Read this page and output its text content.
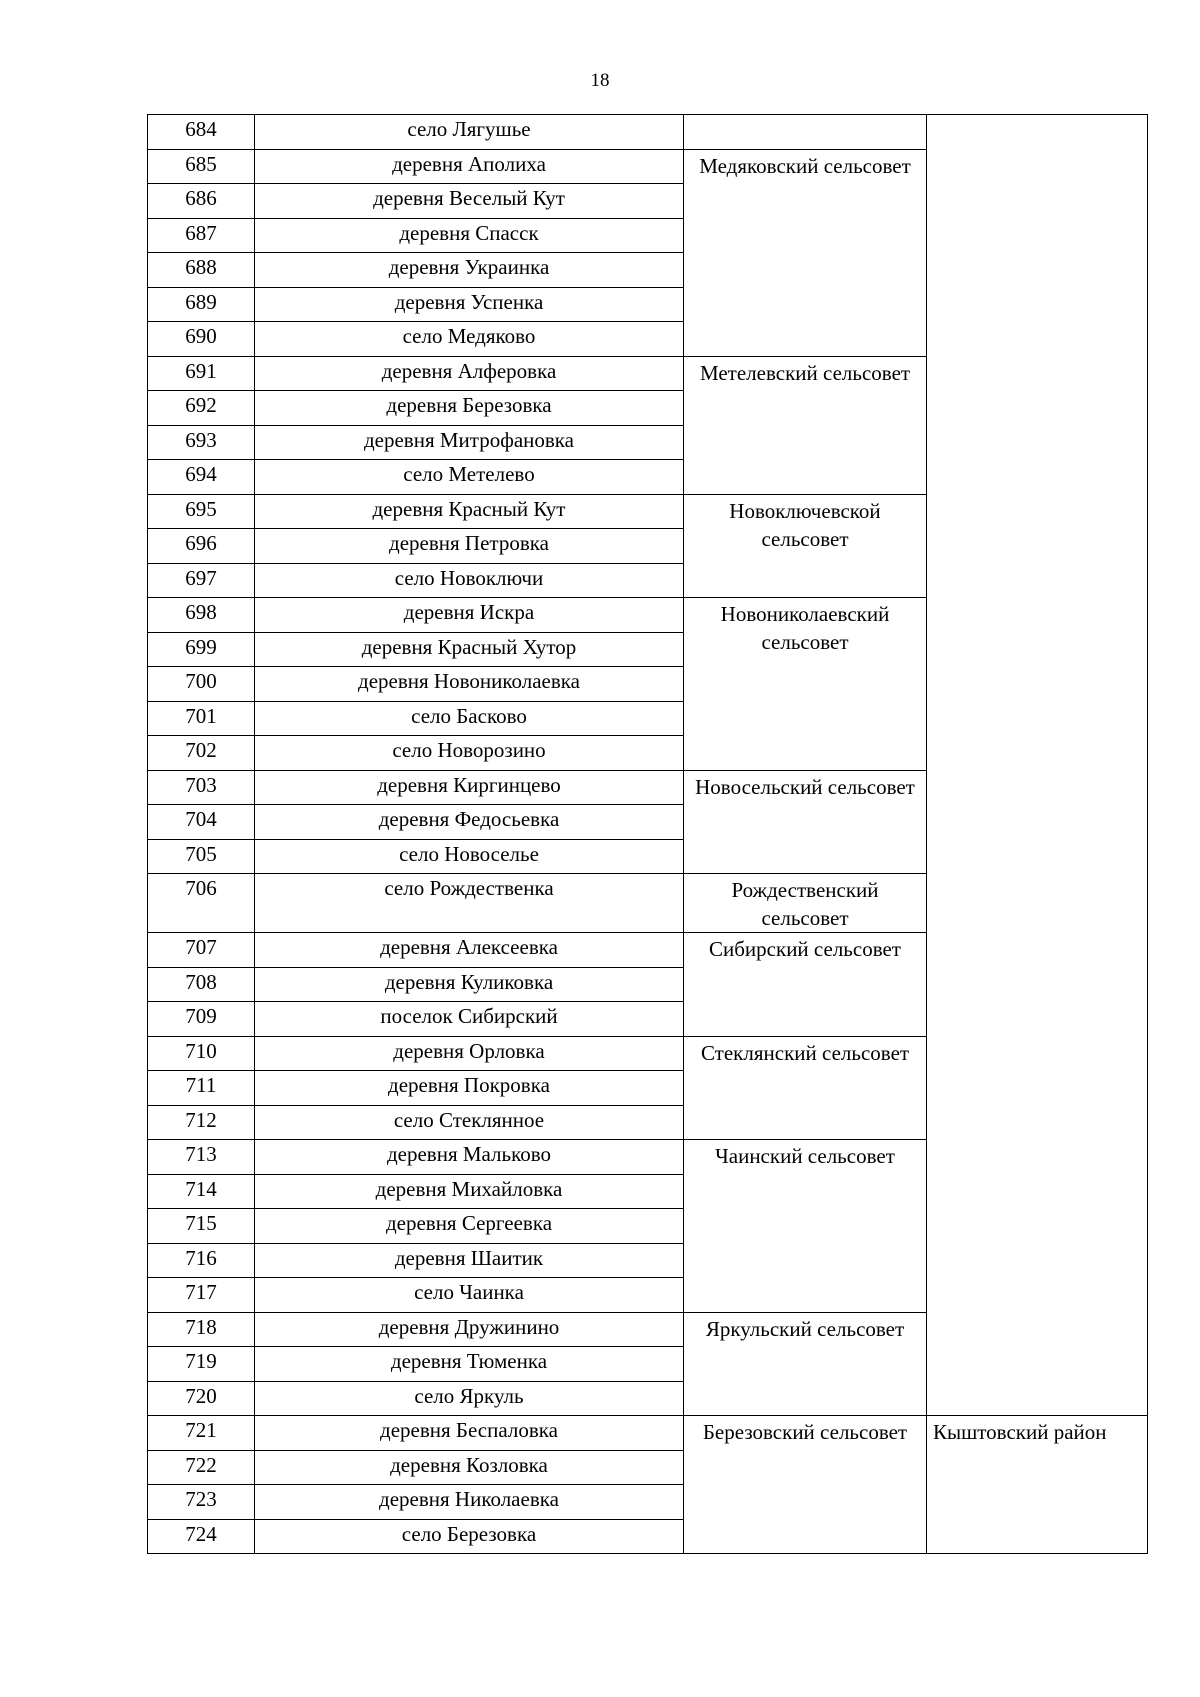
18
684	село Лягушье	

685	деревня Аполиха	Медяковский сельсовет	

686	деревня Веселый Кут		
687	деревня Спасск		
688	деревня Украинка		
689	деревня Успенка		
690	село Медяково		
691	деревня Алферовка	Метелевский сельсовет	

692	деревня Березовка		
693	деревня Митрофановка		
694	село Метелево		
695	деревня Красный Кут	Новоключевской сельсовет	

696	деревня Петровка		
697	село Новоключи		
698	деревня Искра	Новониколаевский сельсовет	

699	деревня Красный Хутор		
700	деревня Новониколаевка		
701	село Басково		
702	село Новорозино		
703	деревня Киргинцево	Новосельский сельсовет	

704	деревня Федосьевка		
705	село Новоселье		
706	село Рождественка	Рождественский сельсовет	

707	деревня Алексеевка	Сибирский сельсовет	

708	деревня Куликовка		
709	поселок Сибирский		
710	деревня Орловка	Стеклянский сельсовет	

711	деревня Покровка		
712	село Стеклянное		
713	деревня Мальково	Чаинский сельсовет	

714	деревня Михайловка		
715	деревня Сергеевка		
716	деревня Шаитик		
717	село Чаинка		
718	деревня Дружинино	Яркульский сельсовет	

719	деревня Тюменка		
720	село Яркуль		
721	деревня Беспаловка	Березовский сельсовет	Кыштовский район

722	деревня Козловка		
723	деревня Николаевка		
724	село Березовка		
